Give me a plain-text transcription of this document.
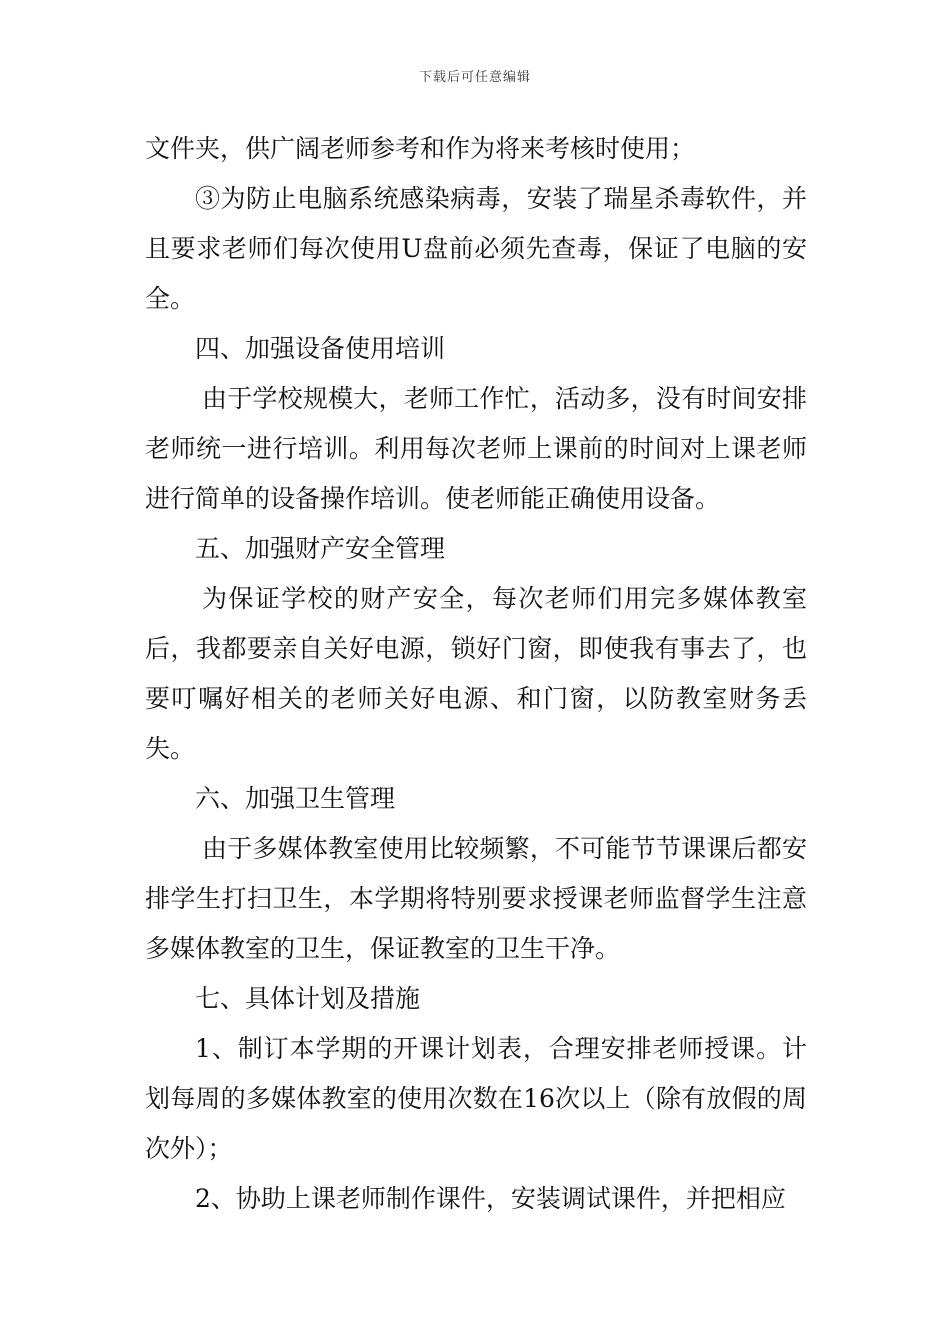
下载后可任意编辑

文件夹，供广阔老师参考和作为将来考核时使用；

③为防止电脑系统感染病毒，安装了瑞星杀毒软件，并且要求老师们每次使用U盘前必须先查毒，保证了电脑的安全。

四、加强设备使用培训

由于学校规模大，老师工作忙，活动多，没有时间安排老师统一进行培训。利用每次老师上课前的时间对上课老师进行简单的设备操作培训。使老师能正确使用设备。

五、加强财产安全管理

为保证学校的财产安全，每次老师们用完多媒体教室后，我都要亲自关好电源，锁好门窗，即使我有事去了，也要叮嘱好相关的老师关好电源、和门窗，以防教室财务丢失。

六、加强卫生管理

由于多媒体教室使用比较频繁，不可能节节课课后都安排学生打扫卫生，本学期将特别要求授课老师监督学生注意多媒体教室的卫生，保证教室的卫生干净。

七、具体计划及措施

1、制订本学期的开课计划表，合理安排老师授课。计划每周的多媒体教室的使用次数在16次以上（除有放假的周次外）；

2、协助上课老师制作课件，安装调试课件，并把相应
